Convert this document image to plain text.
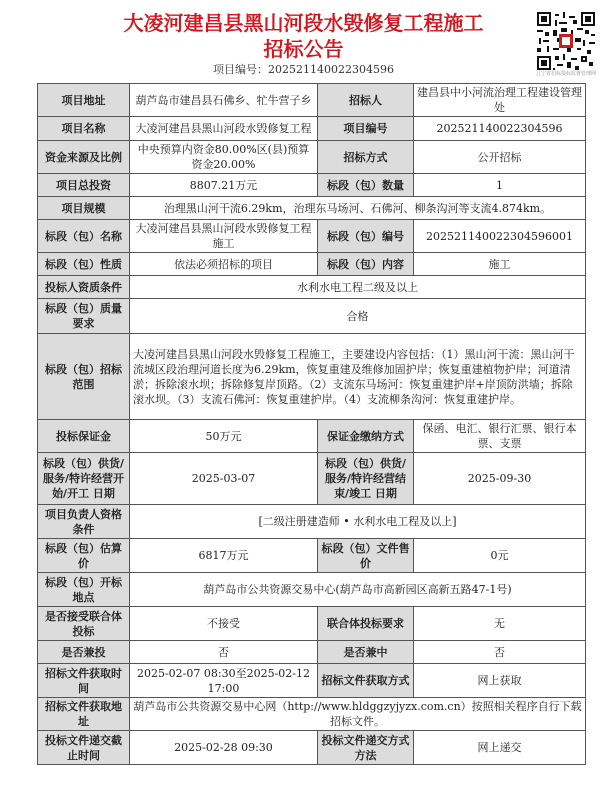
大凌河建昌县黑山河段水毁修复工程施工
招标公告
项目编号：20252114002230459​6	辽宁省招标投标监督管理网
项目地址	葫芦岛市建昌县石佛乡、牤牛营子乡	招标人	建昌县中小河流治理工程建设管理处
项目名称	大凌河建昌县黑山河段水毁修复工程	项目编号	20252114002230459​6
资金来源及比例	中央预算内资金80.00%区(县)预算资金20.00%	招标方式	公开招标
项目总投资	8807.21万元	标段（包）数量	1
项目规模	治理黑山河干流6.29km，治理东马场河、石佛河、柳条沟河等支流4.874km。		
标段（包）名称	大凌河建昌县黑山河段水毁修复工程施工	标段（包）编号	20252114002230459​6001
标段（包）性质	依法必须招标的项目	标段（包）内容	施工
投标人资质条件	水利水电工程二级及以上		
标段（包）质量要求	合格		
标段（包）招标范围	大凌河建昌县黑山河段水毁修复工程施工，主要建设内容包括：（1）黑山河干流：黑山河干流城区段治理河道长度为6.29km，恢复重建及维修加固护岸；恢复重建植物护岸；河道清淤；拆除滚水坝；拆除修复岸顶路。（2）支流东马场河：恢复重建护岸+岸顶防洪墙；拆除滚水坝。（3）支流石佛河：恢复重建护岸。（4）支流柳条沟河：恢复重建护岸。		
投标保证金	50万元	保证金缴纳方式	保函、电汇、银行汇票、银行本票、支票
标段（包）供货/服务/特许经营开始/开工 日期	2025-03-07	标段（包）供货/服务/特许经营结束/竣工 日期	2025-09-30
项目负责人资格条件	[二级注册建造师 • 水利水电工程及以上]		
标段（包）估算价	6817万元	标段（包）文件售价	0元
标段（包）开标地点	葫芦岛市公共资源交易中心(葫芦岛市高新园区高新五路47-1号)		
是否接受联合体投标	不接受	联合体投标要求	无
是否兼投	否	是否兼中	否
招标文件获取时间	2025-02-07 08:30至2025-02-12 17:00	招标文件获取方式	网上获取
招标文件获取地址	葫芦岛市公共资源交易中心网（http://www.hldggzyjyzx.com.cn）按照相关程序自行下载招标文件。		
投标文件递交截止时间	2025-02-28 09:30	投标文件递交方式方法	网上递交
